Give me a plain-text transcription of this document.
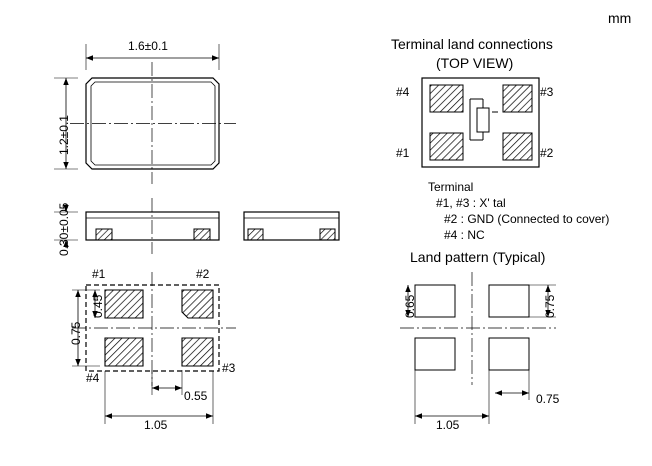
mm
1.6±0.1
1.2±0.1
0.30±0.05
#1	#2
#3
#4
0.45
0.75
0.55
1.05
Terminal land connections
(TOP VIEW)
#4	#3
#1	#2
Terminal
#1, #3 : X' tal
#2 : GND (Connected to cover)
#4 : NC
Land pattern (Typical)
0.65	0.75
1.05
0.75
